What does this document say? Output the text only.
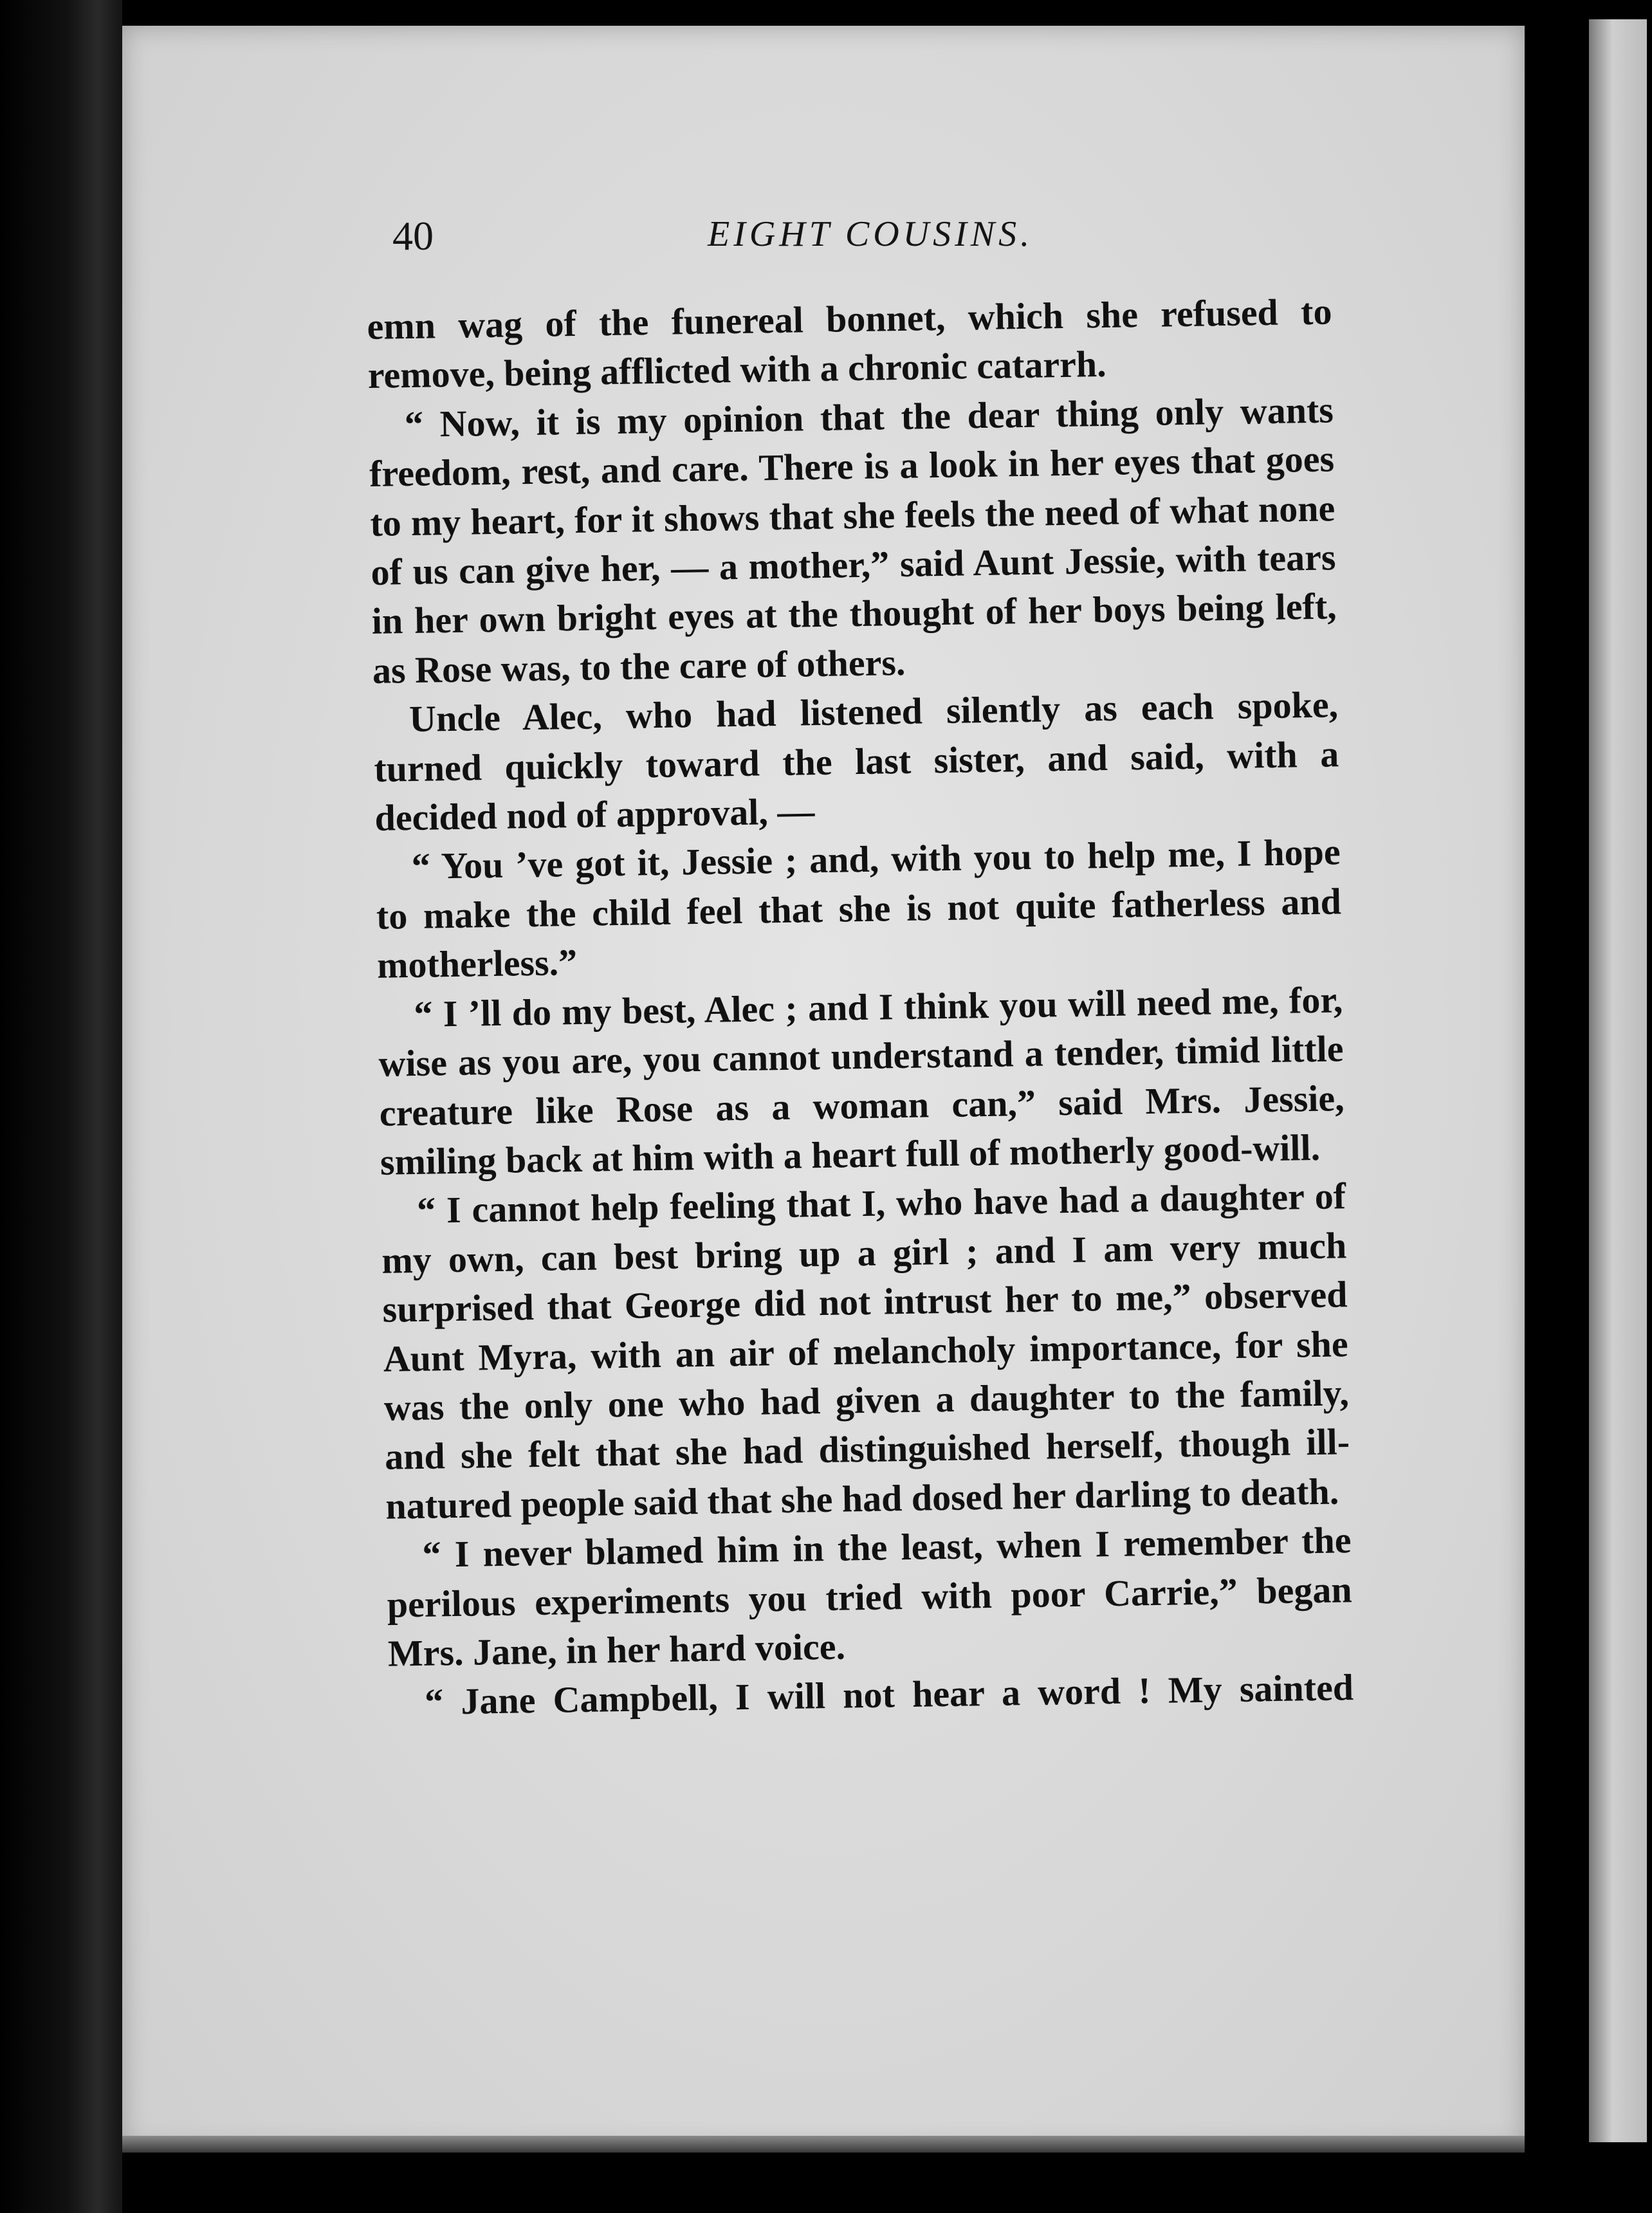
40	EIGHT COUSINS.

emn wag of the funereal bonnet, which she refused to remove, being afflicted with a chronic catarrh.

“ Now, it is my opinion that the dear thing only wants freedom, rest, and care. There is a look in her eyes that goes to my heart, for it shows that she feels the need of what none of us can give her, — a mother,” said Aunt Jessie, with tears in her own bright eyes at the thought of her boys being left, as Rose was, to the care of others.

Uncle Alec, who had listened silently as each spoke, turned quickly toward the last sister, and said, with a decided nod of approval, —

“ You ’ve got it, Jessie ; and, with you to help me, I hope to make the child feel that she is not quite fatherless and motherless.”

“ I ’ll do my best, Alec ; and I think you will need me, for, wise as you are, you cannot understand a tender, timid little creature like Rose as a woman can,” said Mrs. Jessie, smiling back at him with a heart full of motherly good-will.

“ I cannot help feeling that I, who have had a daughter of my own, can best bring up a girl ; and I am very much surprised that George did not intrust her to me,” observed Aunt Myra, with an air of melancholy importance, for she was the only one who had given a daughter to the family, and she felt that she had distinguished herself, though ill-natured people said that she had dosed her darling to death.

“ I never blamed him in the least, when I remember the perilous experiments you tried with poor Carrie,” began Mrs. Jane, in her hard voice.

“ Jane Campbell, I will not hear a word ! My sainted
